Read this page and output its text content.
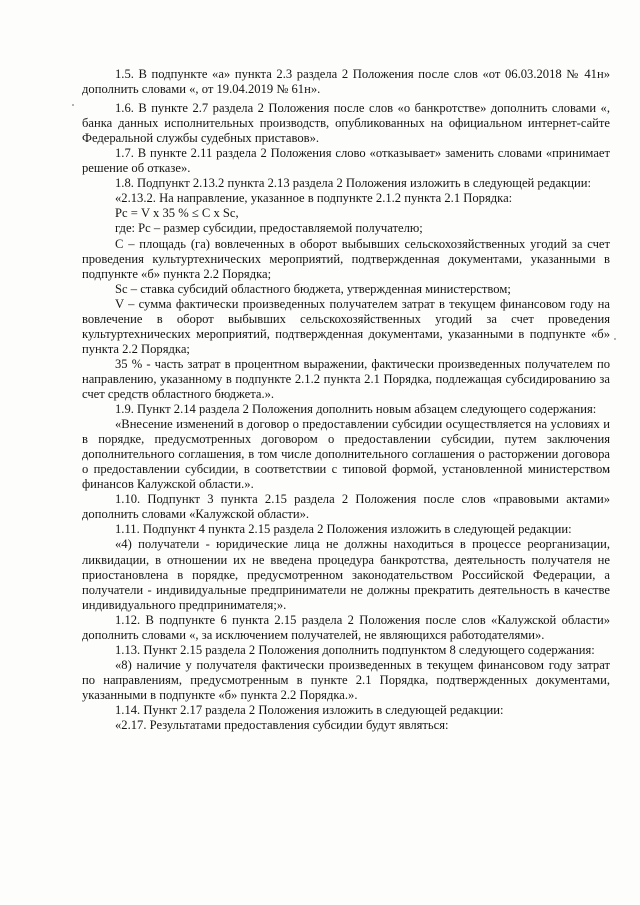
1.5. В подпункте «а» пункта 2.3 раздела 2 Положения после слов «от 06.03.2018 № 41н» дополнить словами «, от 19.04.2019 № 61н».

1.6. В пункте 2.7 раздела 2 Положения после слов «о банкротстве» дополнить словами «, банка данных исполнительных производств, опубликованных на официальном интернет-сайте Федеральной службы судебных приставов».

1.7. В пункте 2.11 раздела 2 Положения слово «отказывает» заменить словами «принимает решение об отказе».

1.8. Подпункт 2.13.2 пункта 2.13 раздела 2 Положения изложить в следующей редакции:

«2.13.2. На направление, указанное в подпункте 2.1.2 пункта 2.1 Порядка:

Рс = V х 35 % ≤ С х Sс,

где: Рс – размер субсидии, предоставляемой получателю;

С – площадь (га) вовлеченных в оборот выбывших сельскохозяйственных угодий за счет проведения культуртехнических мероприятий, подтвержденная документами, указанными в подпункте «б» пункта 2.2 Порядка;

Sс – ставка субсидий областного бюджета, утвержденная министерством;

V – сумма фактически произведенных получателем затрат в текущем финансовом году на вовлечение в оборот выбывших сельскохозяйственных угодий за счет проведения культуртехнических мероприятий, подтвержденная документами, указанными в подпункте «б» пункта 2.2 Порядка;

35 % - часть затрат в процентном выражении, фактически произведенных получателем по направлению, указанному в подпункте 2.1.2 пункта 2.1 Порядка, подлежащая субсидированию за счет средств областного бюджета.».

1.9. Пункт 2.14 раздела 2 Положения дополнить новым абзацем следующего содержания:

«Внесение изменений в договор о предоставлении субсидии осуществляется на условиях и в порядке, предусмотренных договором о предоставлении субсидии, путем заключения дополнительного соглашения, в том числе дополнительного соглашения о расторжении договора о предоставлении субсидии, в соответствии с типовой формой, установленной министерством финансов Калужской области.».

1.10. Подпункт 3 пункта 2.15 раздела 2 Положения после слов «правовыми актами» дополнить словами «Калужской области».

1.11. Подпункт 4 пункта 2.15 раздела 2 Положения изложить в следующей редакции:

«4) получатели - юридические лица не должны находиться в процессе реорганизации, ликвидации, в отношении их не введена процедура банкротства, деятельность получателя не приостановлена в порядке, предусмотренном законодательством Российской Федерации, а получатели - индивидуальные предприниматели не должны прекратить деятельность в качестве индивидуального предпринимателя;».

1.12. В подпункте 6 пункта 2.15 раздела 2 Положения после слов «Калужской области» дополнить словами «, за исключением получателей, не являющихся работодателями».

1.13. Пункт 2.15 раздела 2 Положения дополнить подпунктом 8 следующего содержания:

«8) наличие у получателя фактически произведенных в текущем финансовом году затрат по направлениям, предусмотренным в пункте 2.1 Порядка, подтвержденных документами, указанными в подпункте «б» пункта 2.2 Порядка.».

1.14. Пункт 2.17 раздела 2 Положения изложить в следующей редакции:

«2.17. Результатами предоставления субсидии будут являться:
